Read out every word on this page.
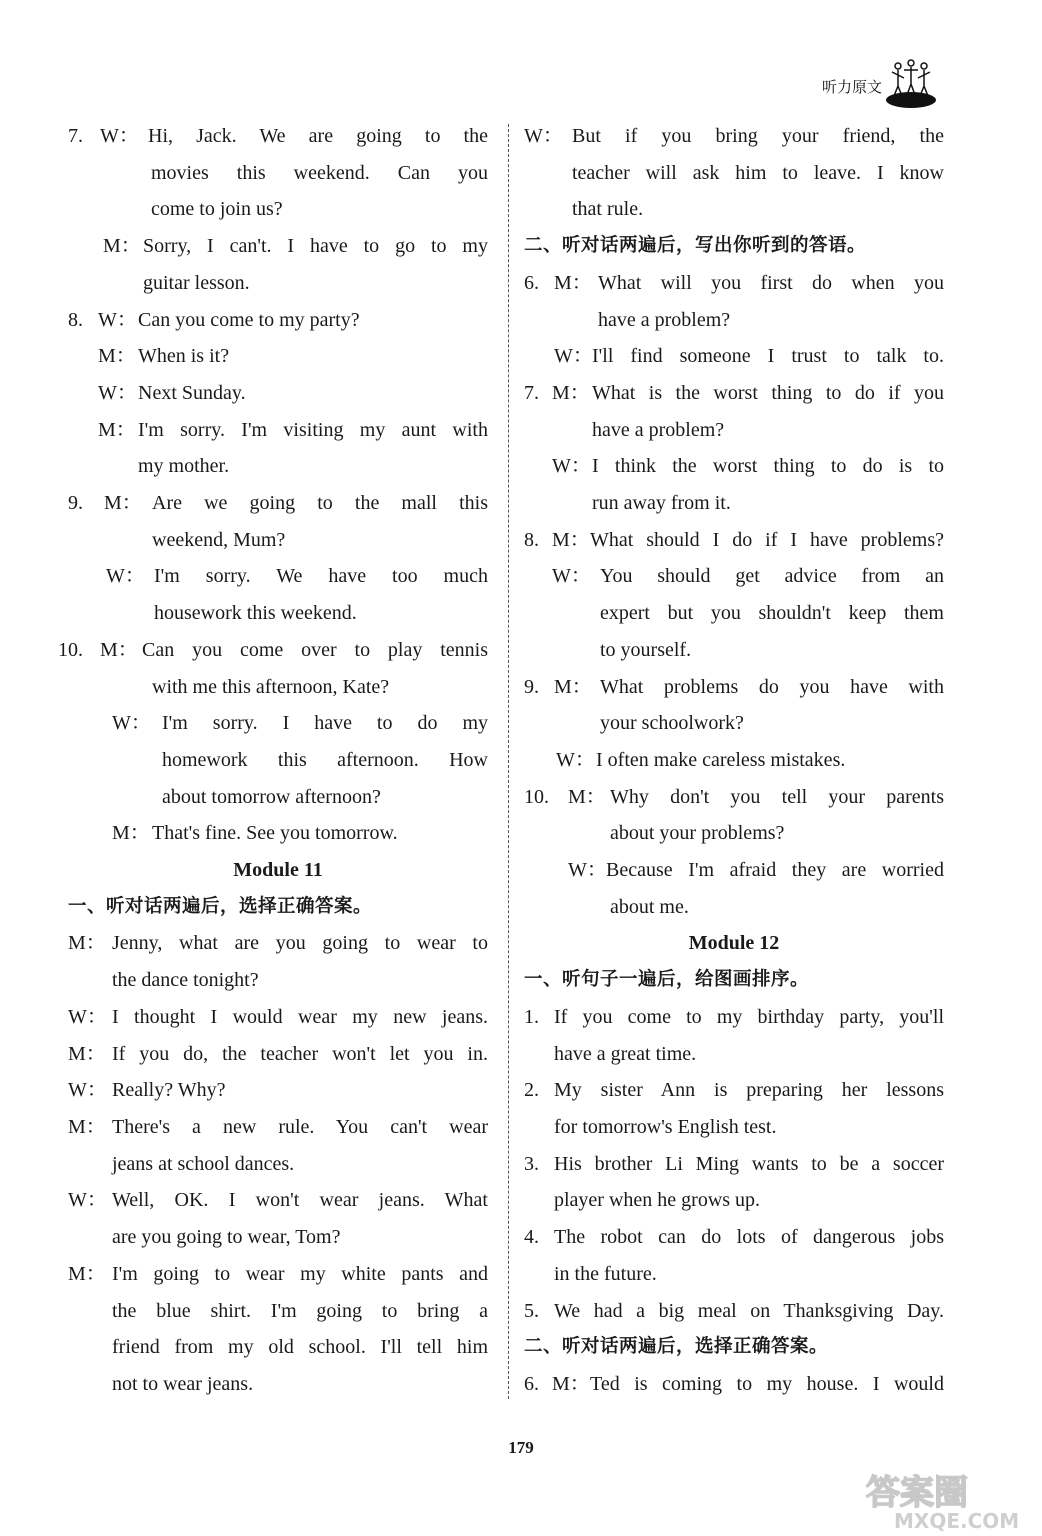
听力原文
7. W： Hi, Jack. We are going to the
movies this weekend. Can you
come to join us?
M： Sorry, I can't. I have to go to my
guitar lesson.
8. W： Can you come to my party?
M： When is it?
W： Next Sunday.
M： I'm sorry. I'm visiting my aunt with
my mother.
9.	M： Are we going to the mall this
weekend, Mum?
W： I'm sorry. We have too much
housework this weekend.
10. M： Can you come over to play tennis
with me this afternoon, Kate?
W： I'm sorry. I have to do my
homework this afternoon. How
about tomorrow afternoon?
M： That's fine. See you tomorrow.
Module 11
一、听对话两遍后，选择正确答案。
M： Jenny, what are you going to wear to
the dance tonight?
W： I thought I would wear my new jeans.
M： If you do, the teacher won't let you in.
W： Really? Why?
M： There's a new rule. You can't wear
jeans at school dances.
W： Well, OK. I won't wear jeans. What
are you going to wear, Tom?
M： I'm going to wear my white pants and
the blue shirt. I'm going to bring a
friend from my old school. I'll tell him
not to wear jeans.
W： But if you bring your friend, the
teacher will ask him to leave. I know
that rule.
二、听对话两遍后，写出你听到的答语。
6. M： What will you first do when you
have a problem?
W： I'll find someone I trust to talk to.
7. M： What is the worst thing to do if you
have a problem?
W： I think the worst thing to do is to
run away from it.
8. M： What should I do if I have problems?
W： You should get advice from an
expert but you shouldn't keep them
to yourself.
9. M： What problems do you have with
your schoolwork?
W： I often make careless mistakes.
10. M： Why don't you tell your parents
about your problems?
W： Because I'm afraid they are worried
about me.
Module 12
一、听句子一遍后，给图画排序。
1. If you come to my birthday party, you'll
have a great time.
2. My sister Ann is preparing her lessons
for tomorrow's English test.
3. His brother Li Ming wants to be a soccer
player when he grows up.
4. The robot can do lots of dangerous jobs
in the future.
5. We had a big meal on Thanksgiving Day.
二、听对话两遍后，选择正确答案。
6. M： Ted is coming to my house. I would
179
答案圈
MXQE.COM
